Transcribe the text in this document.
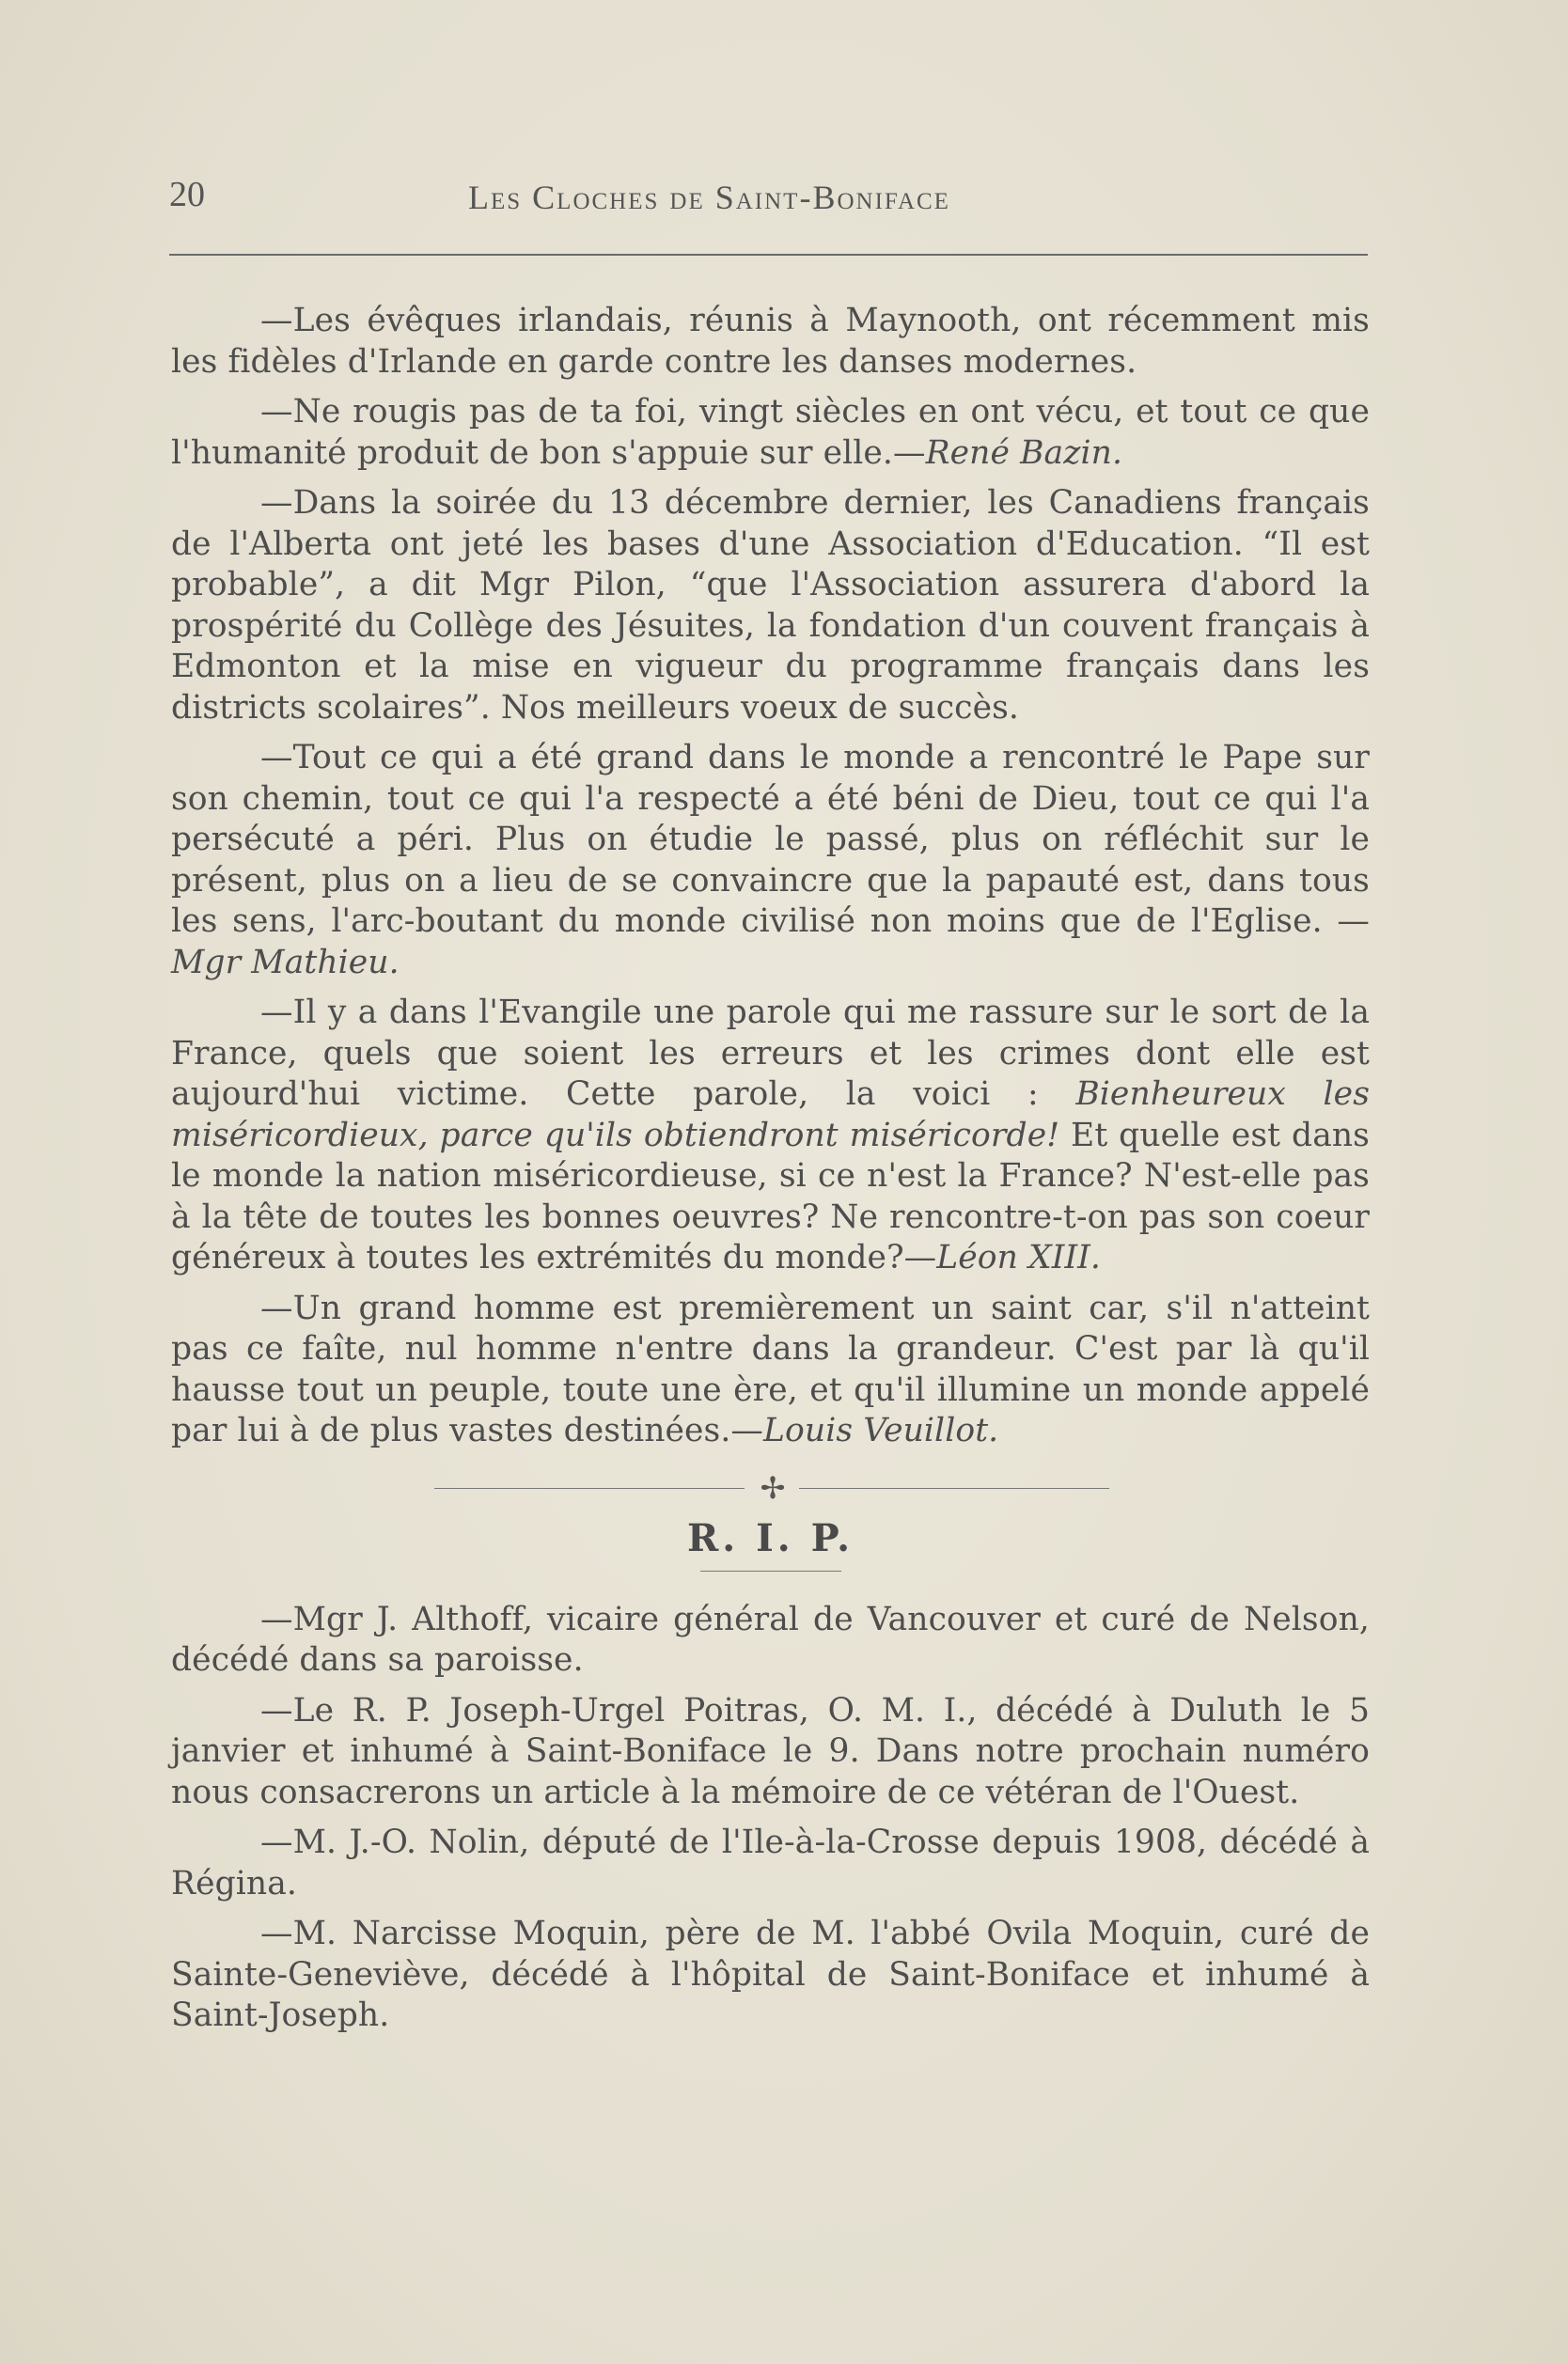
20	Les Cloches de Saint-Boniface

—Les évêques irlandais, réunis à Maynooth, ont récemment mis les fidèles d'Irlande en garde contre les danses modernes.

—Ne rougis pas de ta foi, vingt siècles en ont vécu, et tout ce que l'humanité produit de bon s'appuie sur elle.—René Bazin.

—Dans la soirée du 13 décembre dernier, les Canadiens français de l'Alberta ont jeté les bases d'une Association d'Education. “Il est probable”, a dit Mgr Pilon, “que l'Association assurera d'abord la prospérité du Collège des Jésuites, la fondation d'un couvent français à Edmonton et la mise en vigueur du programme français dans les districts scolaires”. Nos meilleurs voeux de succès.

—Tout ce qui a été grand dans le monde a rencontré le Pape sur son chemin, tout ce qui l'a respecté a été béni de Dieu, tout ce qui l'a persécuté a péri. Plus on étudie le passé, plus on réfléchit sur le présent, plus on a lieu de se convaincre que la papauté est, dans tous les sens, l'arc-boutant du monde civilisé non moins que de l'Eglise. — Mgr Mathieu.

—Il y a dans l'Evangile une parole qui me rassure sur le sort de la France, quels que soient les erreurs et les crimes dont elle est aujourd'hui victime. Cette parole, la voici : Bienheureux les miséricordieux, parce qu'ils obtiendront miséricorde! Et quelle est dans le monde la nation miséricordieuse, si ce n'est la France? N'est-elle pas à la tête de toutes les bonnes oeuvres? Ne rencontre-t-on pas son coeur généreux à toutes les extrémités du monde?—Léon XIII.

—Un grand homme est premièrement un saint car, s'il n'atteint pas ce faîte, nul homme n'entre dans la grandeur. C'est par là qu'il hausse tout un peuple, toute une ère, et qu'il illumine un monde appelé par lui à de plus vastes destinées.—Louis Veuillot.

✢
R. I. P.

—Mgr J. Althoff, vicaire général de Vancouver et curé de Nelson, décédé dans sa paroisse.

—Le R. P. Joseph-Urgel Poitras, O. M. I., décédé à Duluth le 5 janvier et inhumé à Saint-Boniface le 9. Dans notre prochain numéro nous consacrerons un article à la mémoire de ce vétéran de l'Ouest.

—M. J.-O. Nolin, député de l'Ile-à-la-Crosse depuis 1908, décédé à Régina.

—M. Narcisse Moquin, père de M. l'abbé Ovila Moquin, curé de Sainte-Geneviève, décédé à l'hôpital de Saint-Boniface et inhumé à Saint-Joseph.
